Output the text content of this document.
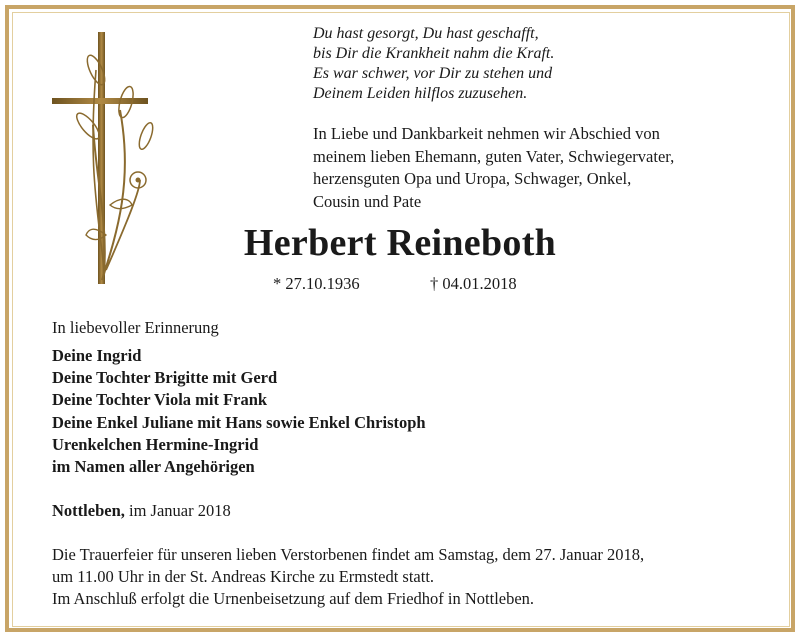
Du hast gesorgt, Du hast geschafft,
bis Dir die Krankheit nahm die Kraft.
Es war schwer, vor Dir zu stehen und
Deinem Leiden hilflos zuzusehen.
In Liebe und Dankbarkeit nehmen wir Abschied von
meinem lieben Ehemann, guten Vater, Schwiegervater,
herzensguten Opa und Uropa, Schwager, Onkel,
Cousin und Pate
Herbert Reineboth
* 27.10.1936	† 04.01.2018
In liebevoller Erinnerung
Deine Ingrid
Deine Tochter Brigitte mit Gerd
Deine Tochter Viola mit Frank
Deine Enkel Juliane mit Hans sowie Enkel Christoph
Urenkelchen Hermine-Ingrid
im Namen aller Angehörigen
Nottleben, im Januar 2018
Die Trauerfeier für unseren lieben Verstorbenen findet am Samstag, dem 27. Januar 2018,
um 11.00 Uhr in der St. Andreas Kirche zu Ermstedt statt.
Im Anschluß erfolgt die Urnenbeisetzung auf dem Friedhof in Nottleben.
